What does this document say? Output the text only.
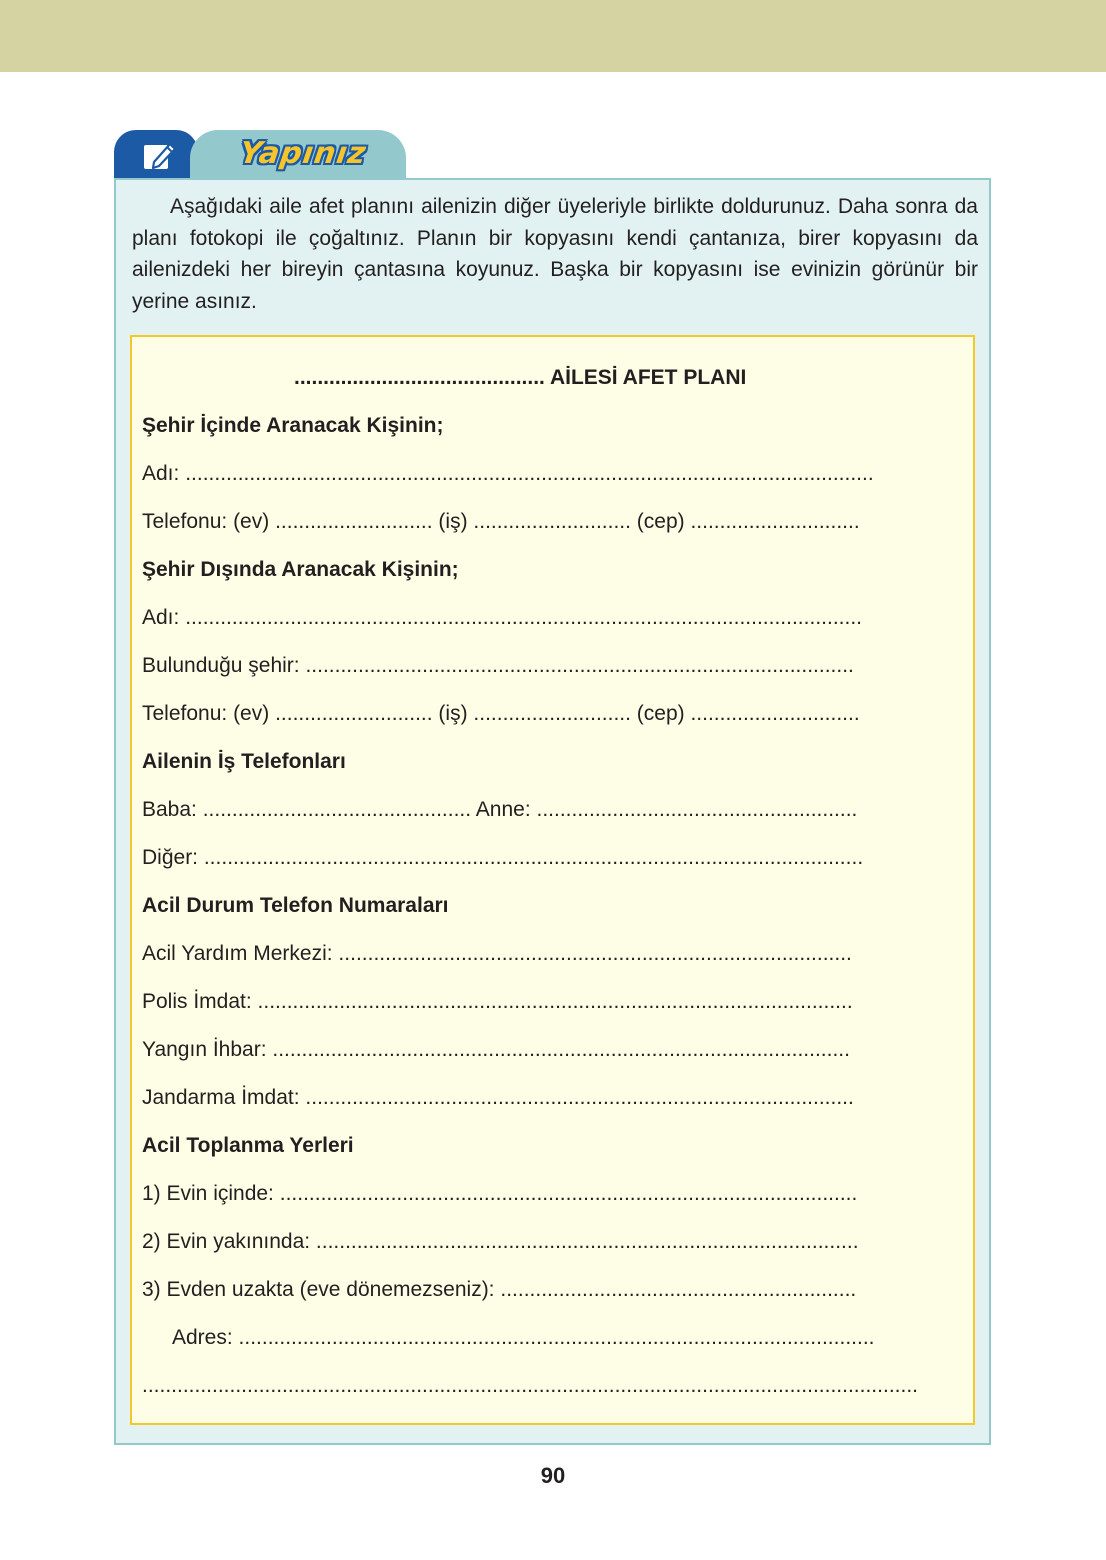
Yapınız

Aşağıdaki aile afet planını ailenizin diğer üyeleriyle birlikte doldurunuz. Daha sonra da planı fotokopi ile çoğaltınız. Planın bir kopyasını kendi çantanıza, birer kopyasını da ailenizdeki her bireyin çantasına koyunuz. Başka bir kopyasını ise evinizin görünür bir yerine asınız.

........................................... AİLESİ AFET PLANI
Şehir İçinde Aranacak Kişinin;
Adı: ......................................................................................................................
Telefonu: (ev) ........................... (iş) ........................... (cep) .............................
Şehir Dışında Aranacak Kişinin;
Adı: ....................................................................................................................
Bulunduğu şehir: ..............................................................................................
Telefonu: (ev) ........................... (iş) ........................... (cep) .............................
Ailenin İş Telefonları
Baba: .............................................. Anne: .......................................................
Diğer: .................................................................................................................
Acil Durum Telefon Numaraları
Acil Yardım Merkezi: ........................................................................................
Polis İmdat: ......................................................................................................
Yangın İhbar: ...................................................................................................
Jandarma İmdat: ..............................................................................................
Acil Toplanma Yerleri
1) Evin içinde: ...................................................................................................
2) Evin yakınında: .............................................................................................
3) Evden uzakta (eve dönemezseniz): .............................................................
Adres: .............................................................................................................
.....................................................................................................................................
90
